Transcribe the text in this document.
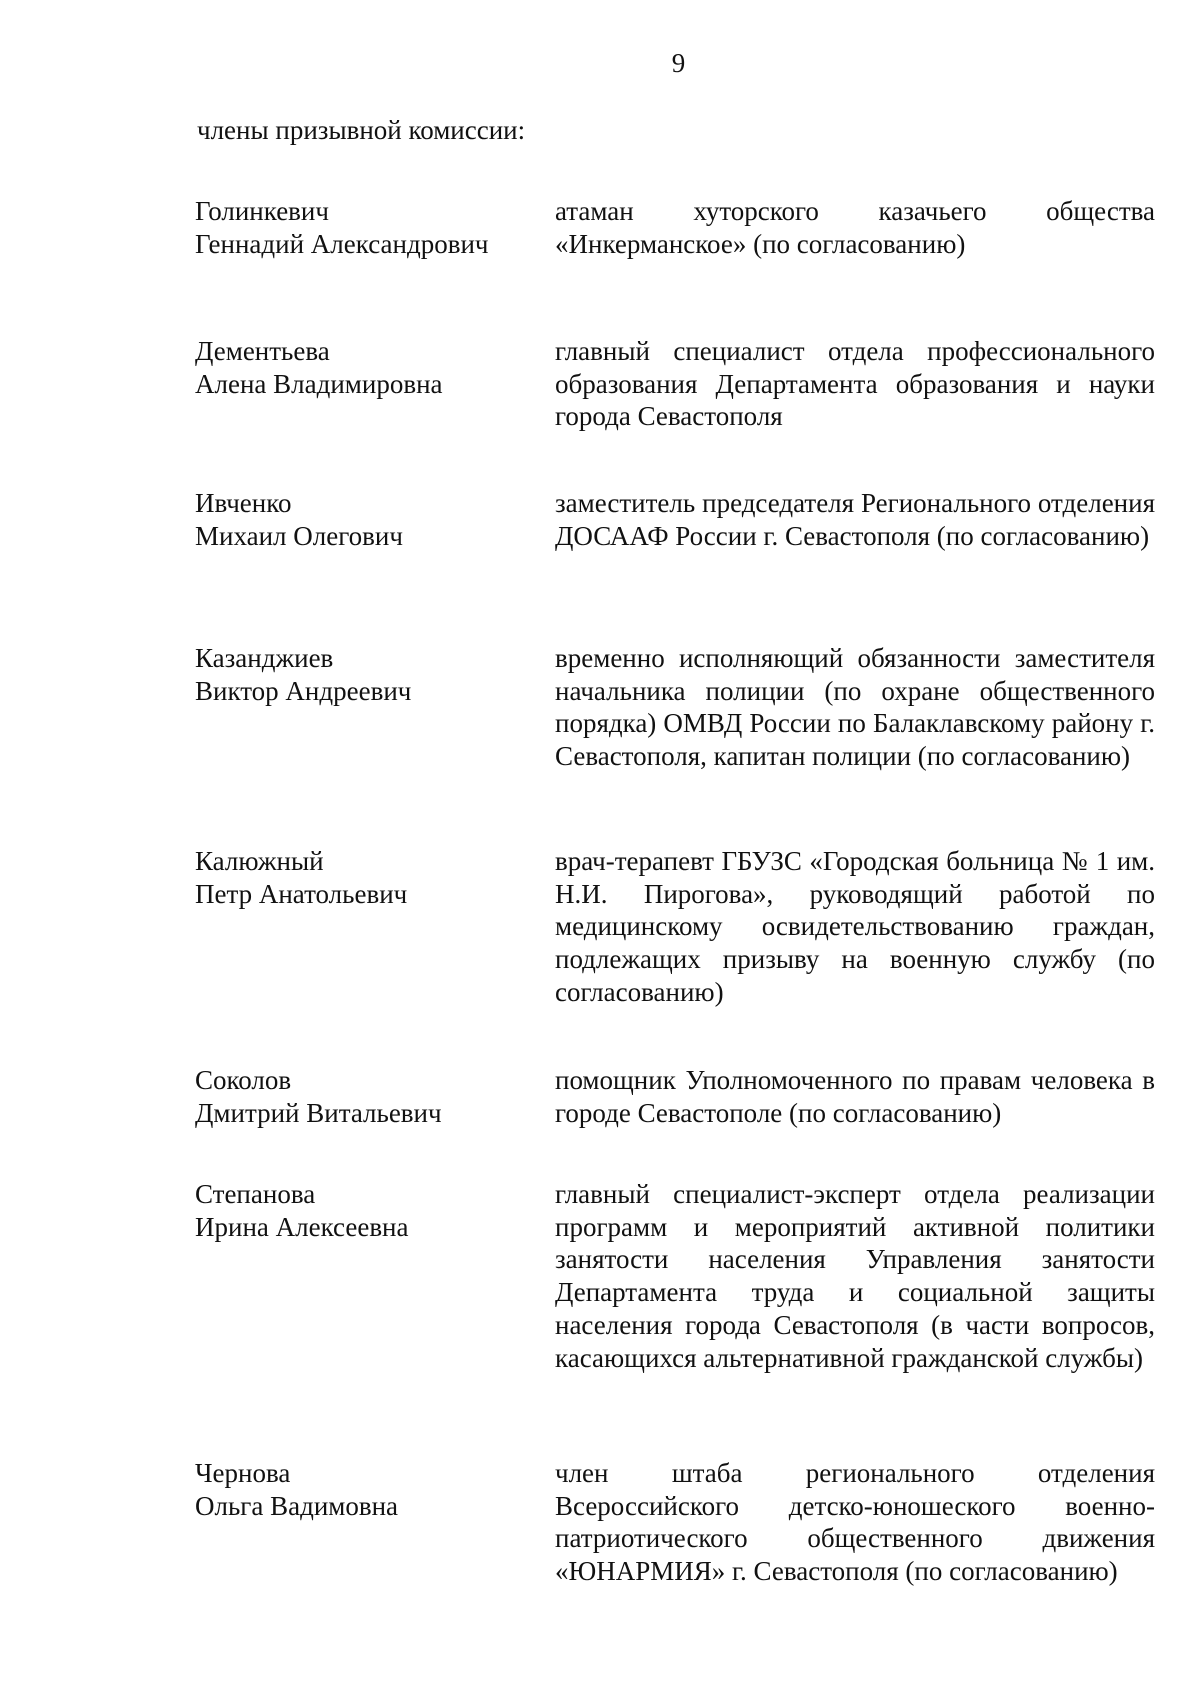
9
члены призывной комиссии:
Голинкевич
Геннадий Александрович
атаман хуторского казачьего общества «Инкерманское» (по согласованию)
Дементьева
Алена Владимировна
главный специалист отдела профессионального образования Департамента образования и науки города Севастополя
Ивченко
Михаил Олегович
заместитель председателя Регионального отделения ДОСААФ России г. Севастополя (по согласованию)
Казанджиев
Виктор Андреевич
временно исполняющий обязанности заместителя начальника полиции (по охране общественного порядка) ОМВД России по Балаклавскому району г. Севастополя, капитан полиции (по согласованию)
Калюжный
Петр Анатольевич
врач-терапевт ГБУЗС «Городская больница № 1 им. Н.И. Пирогова», руководящий работой по медицинскому освидетельствованию граждан, подлежащих призыву на военную службу (по согласованию)
Соколов
Дмитрий Витальевич
помощник Уполномоченного по правам человека в городе Севастополе (по согласованию)
Степанова
Ирина Алексеевна
главный специалист-эксперт отдела реализации программ и мероприятий активной политики занятости населения Управления занятости Департамента труда и социальной защиты населения города Севастополя (в части вопросов, касающихся альтернативной гражданской службы)
Чернова
Ольга Вадимовна
член штаба регионального отделения Всероссийского детско-юношеского военно-патриотического общественного движения «ЮНАРМИЯ» г. Севастополя (по согласованию)
